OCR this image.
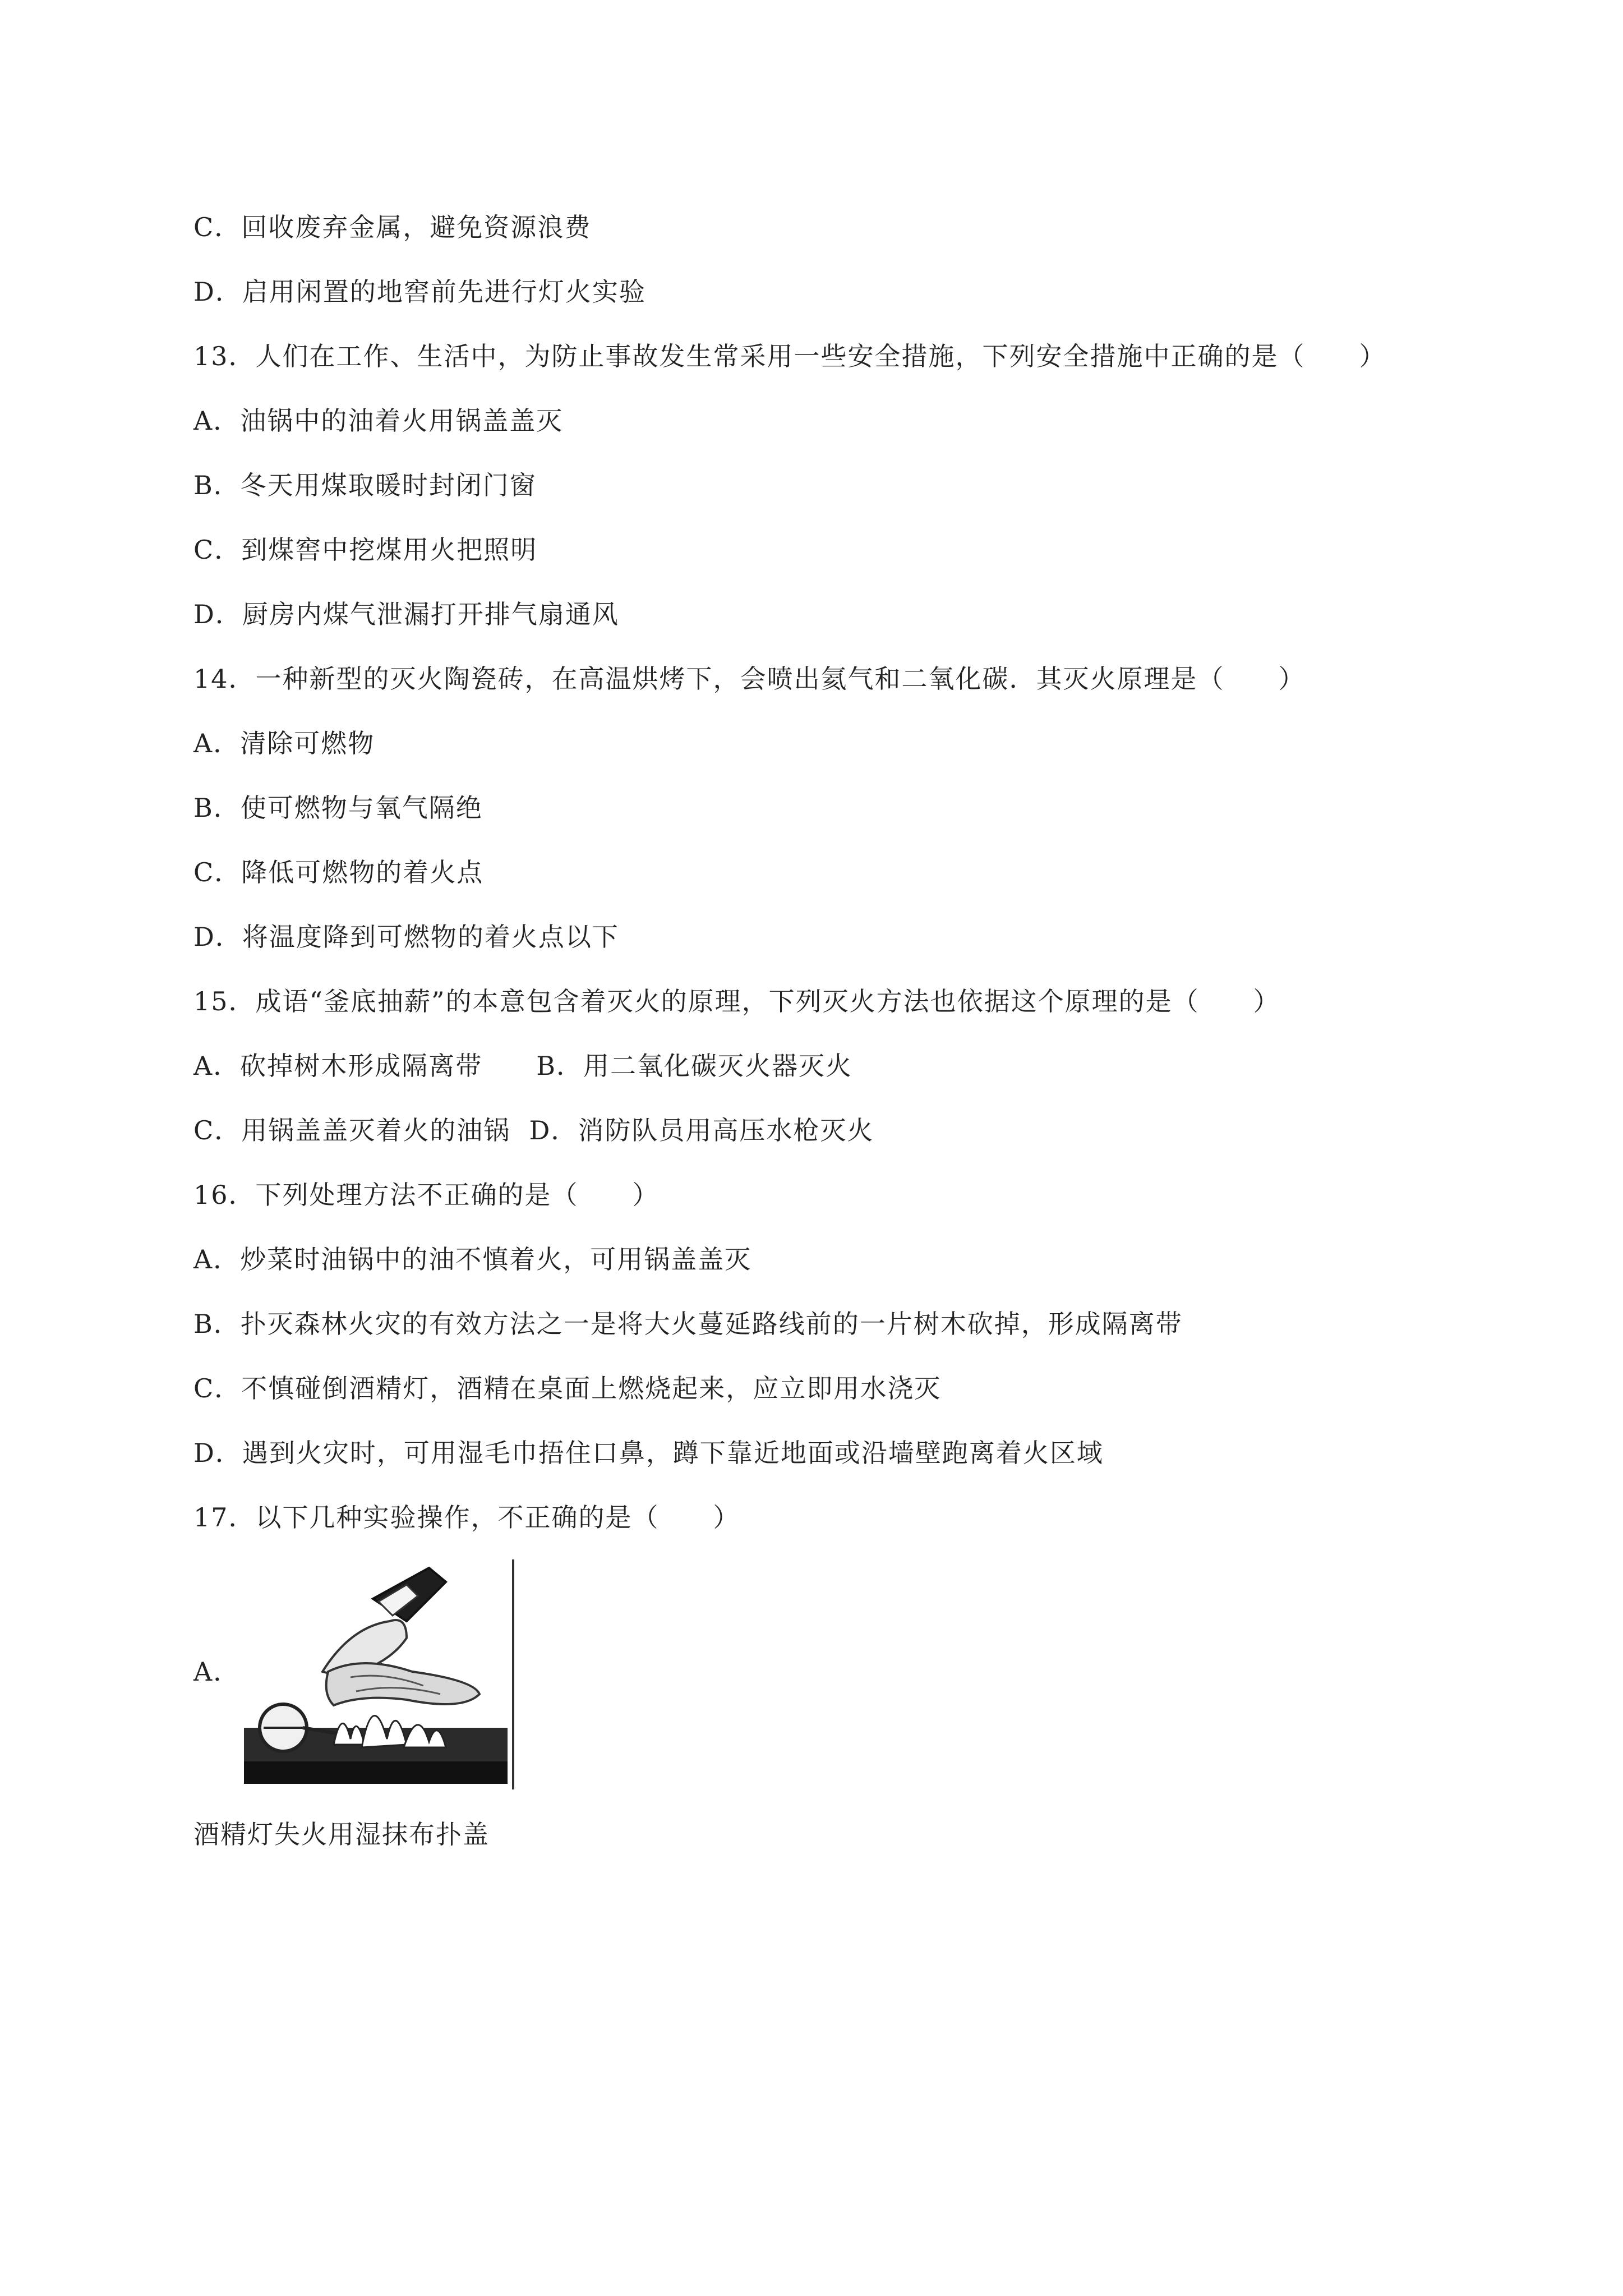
C．回收废弃金属，避免资源浪费
D．启用闲置的地窖前先进行灯火实验
13．人们在工作、生活中，为防止事故发生常采用一些安全措施，下列安全措施中正确的是（　　）
A．油锅中的油着火用锅盖盖灭
B．冬天用煤取暖时封闭门窗
C．到煤窖中挖煤用火把照明
D．厨房内煤气泄漏打开排气扇通风
14．一种新型的灭火陶瓷砖，在高温烘烤下，会喷出氦气和二氧化碳．其灭火原理是（　　）
A．清除可燃物
B．使可燃物与氧气隔绝
C．降低可燃物的着火点
D．将温度降到可燃物的着火点以下
15．成语“釜底抽薪”的本意包含着灭火的原理，下列灭火方法也依据这个原理的是（　　）
A．砍掉树木形成隔离带　　B．用二氧化碳灭火器灭火
C．用锅盖盖灭着火的油锅  D．消防队员用高压水枪灭火
16．下列处理方法不正确的是（　　）
A．炒菜时油锅中的油不慎着火，可用锅盖盖灭
B．扑灭森林火灾的有效方法之一是将大火蔓延路线前的一片树木砍掉，形成隔离带
C．不慎碰倒酒精灯，酒精在桌面上燃烧起来，应立即用水浇灭
D．遇到火灾时，可用湿毛巾捂住口鼻，蹲下靠近地面或沿墙壁跑离着火区域
17．以下几种实验操作，不正确的是（　　）
A．
酒精灯失火用湿抹布扑盖
